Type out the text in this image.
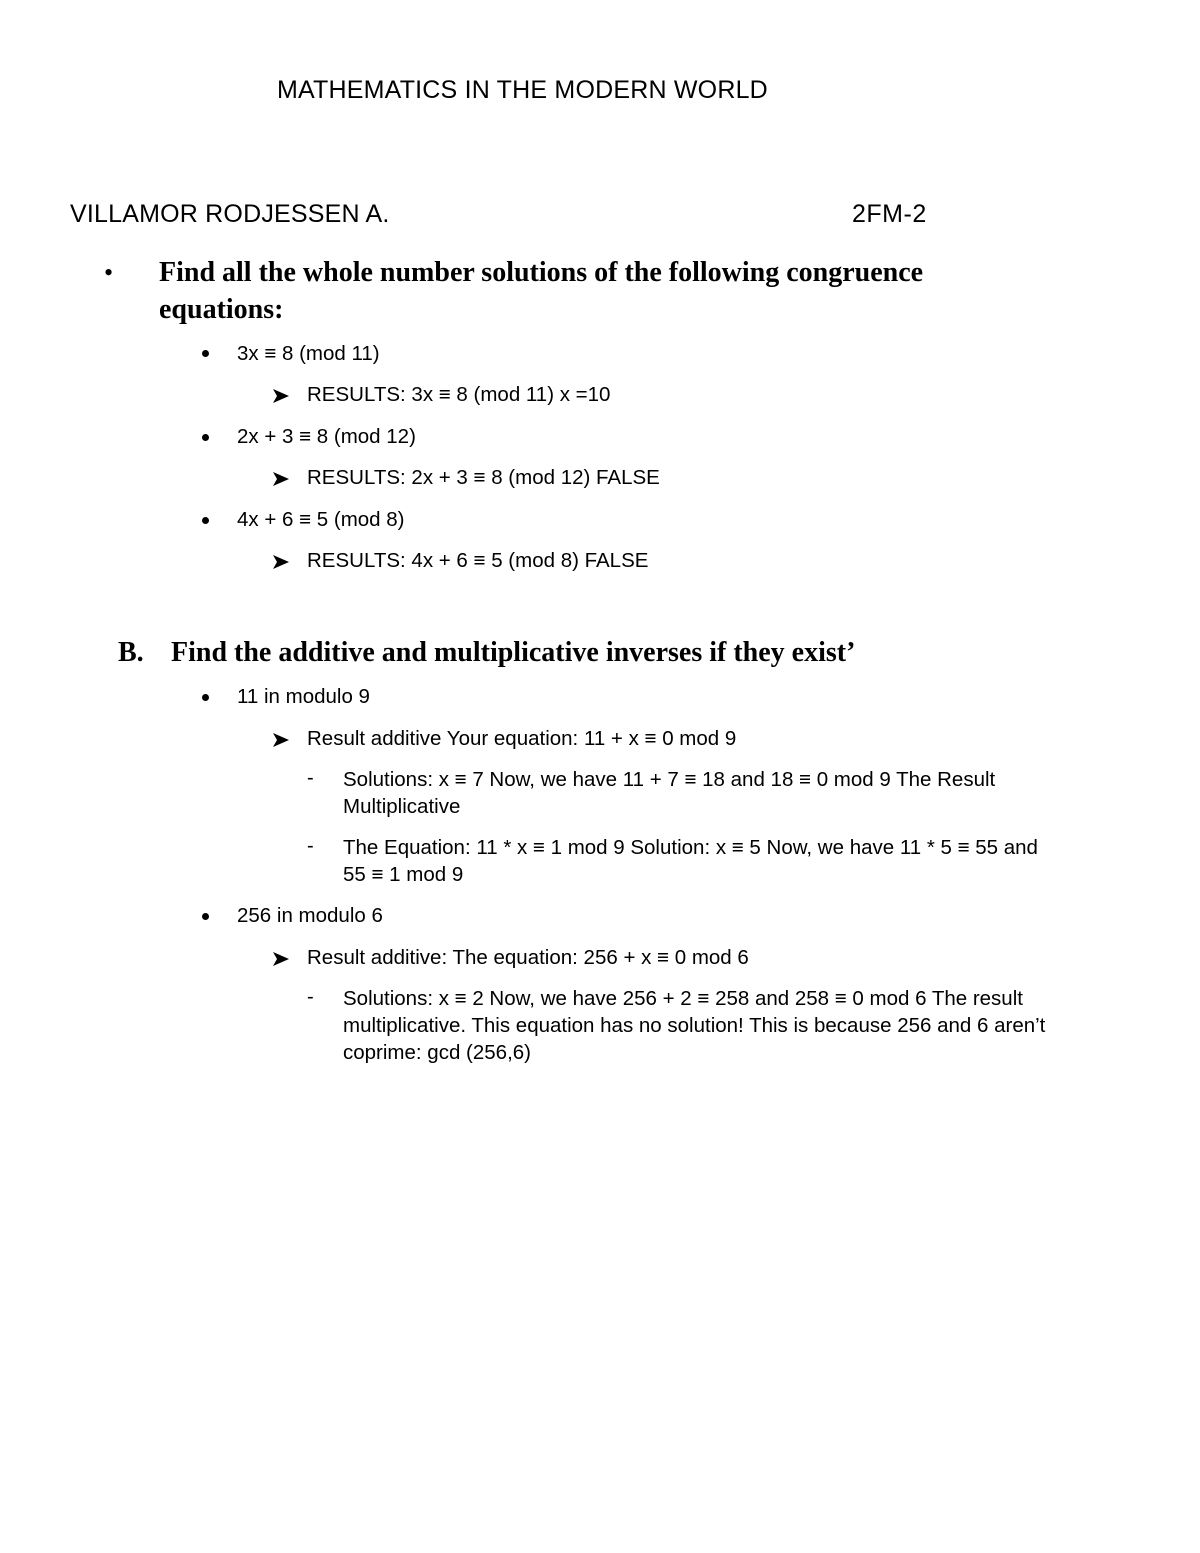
MATHEMATICS IN THE MODERN WORLD
VILLAMOR RODJESSEN A.	2FM-2
• Find all the whole number solutions of the following congruence
equations:
3x ≡ 8 (mod 11)
RESULTS: 3x ≡ 8 (mod 11) x =10
2x + 3 ≡ 8 (mod 12)
RESULTS: 2x + 3 ≡ 8 (mod 12) FALSE
4x + 6 ≡ 5 (mod 8)
RESULTS: 4x + 6 ≡ 5 (mod 8) FALSE
B. Find the additive and multiplicative inverses if they exist’
11 in modulo 9
Result additive Your equation: 11 + x ≡ 0 mod 9
- Solutions: x ≡ 7 Now, we have 11 + 7 ≡ 18 and 18 ≡ 0 mod 9 The Result
Multiplicative
- The Equation: 11 * x ≡ 1 mod 9 Solution: x ≡ 5 Now, we have 11 * 5 ≡ 55 and
55 ≡ 1 mod 9
256 in modulo 6
Result additive: The equation: 256 + x ≡ 0 mod 6
- Solutions: x ≡ 2 Now, we have 256 + 2 ≡ 258 and 258 ≡ 0 mod 6 The result
multiplicative. This equation has no solution! This is because 256 and 6 aren’t
coprime: gcd (256,6)
